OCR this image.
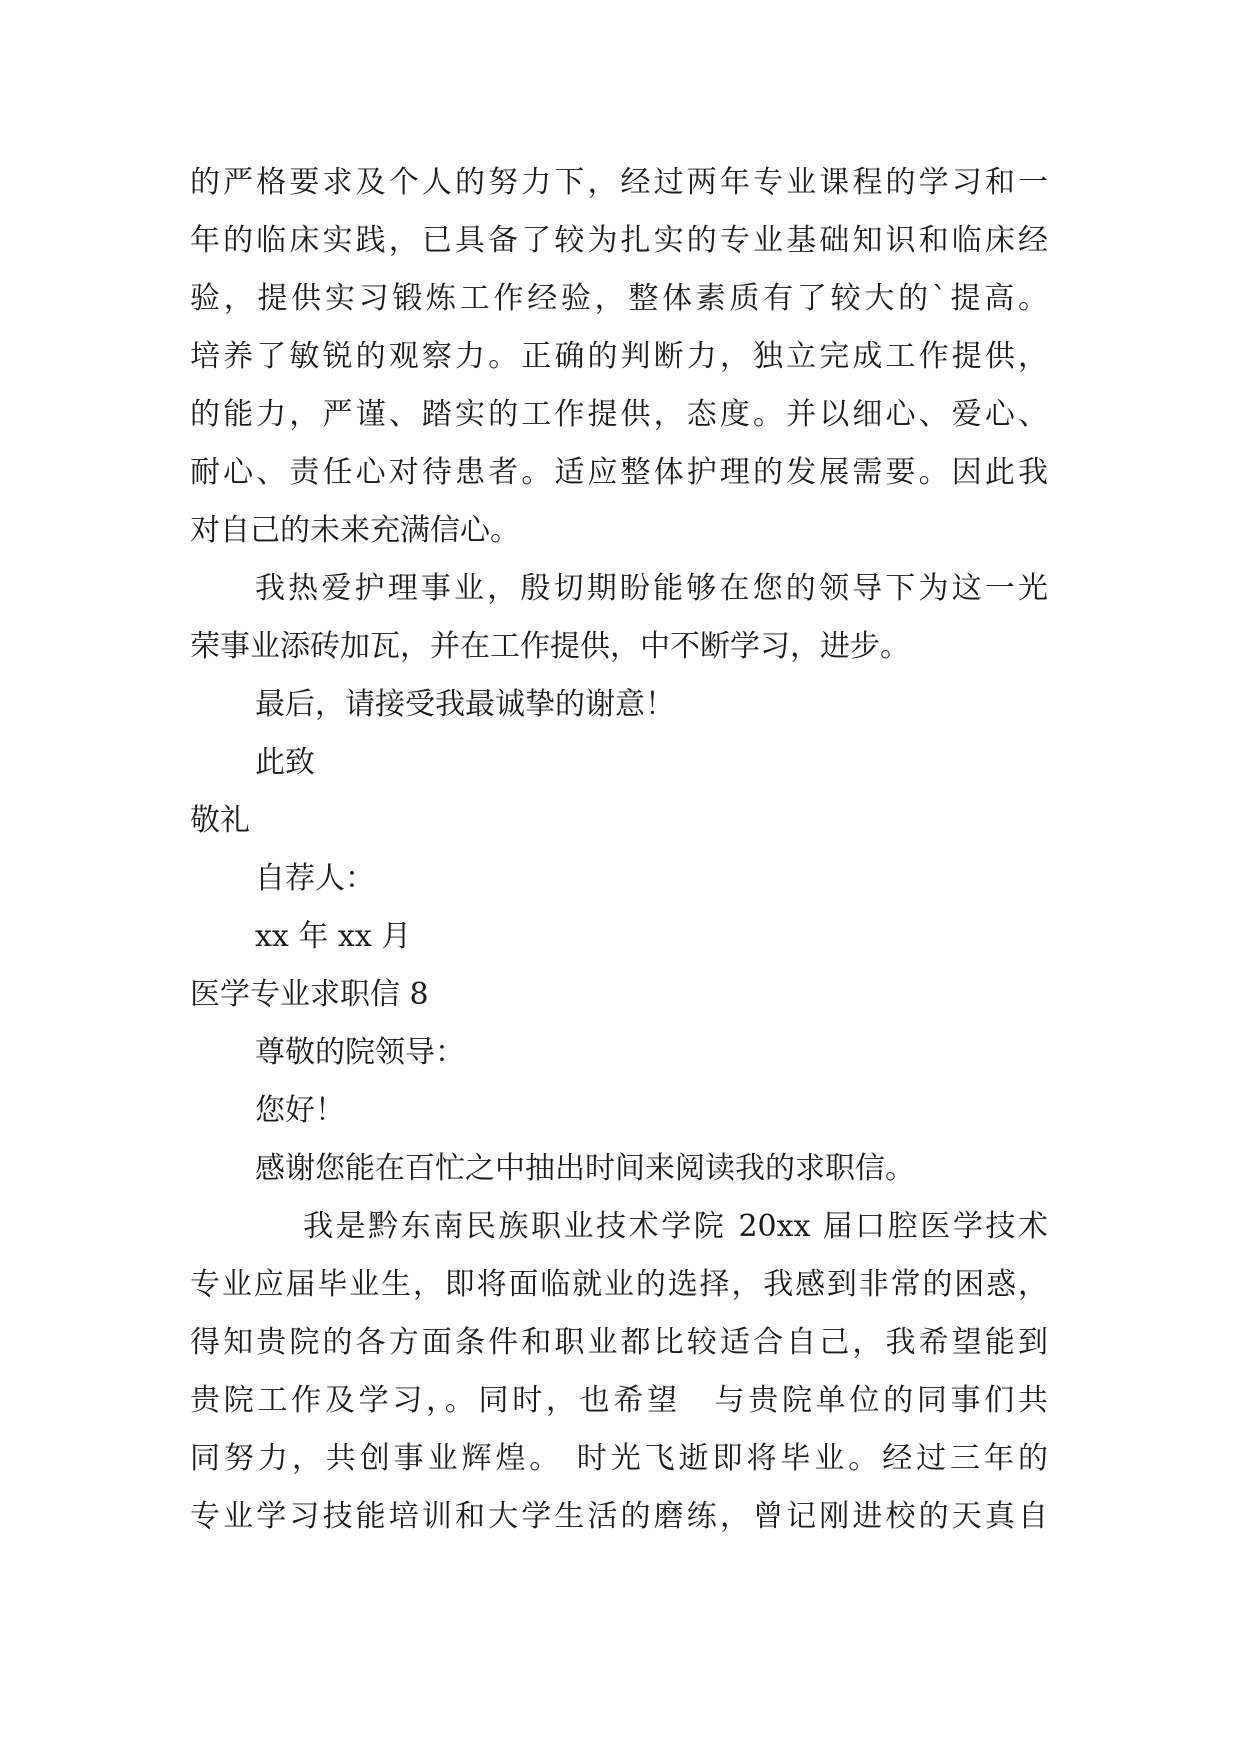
的严格要求及个人的努力下，经过两年专业课程的学习和一
年的临床实践，已具备了较为扎实的专业基础知识和临床经
验，提供实习锻炼工作经验，整体素质有了较大的`提高。
培养了敏锐的观察力。正确的判断力，独立完成工作提供，
的能力，严谨、踏实的工作提供，态度。并以细心、爱心、
耐心、责任心对待患者。适应整体护理的发展需要。因此我
对自己的未来充满信心。
我热爱护理事业，殷切期盼能够在您的领导下为这一光
荣事业添砖加瓦，并在工作提供，中不断学习，进步。
最后，请接受我最诚挚的谢意！
此致
敬礼
自荐人：
xx 年 xx 月
医学专业求职信 8
尊敬的院领导：
您好！
感谢您能在百忙之中抽出时间来阅读我的求职信。
我是黔东南民族职业技术学院 20xx 届口腔医学技术
专业应届毕业生，即将面临就业的选择，我感到非常的困惑，
得知贵院的各方面条件和职业都比较适合自己，我希望能到
贵院工作及学习，。同时，也希望　与贵院单位的同事们共
同努力，共创事业辉煌。 时光飞逝即将毕业。经过三年的
专业学习技能培训和大学生活的磨练，曾记刚进校的天真自
